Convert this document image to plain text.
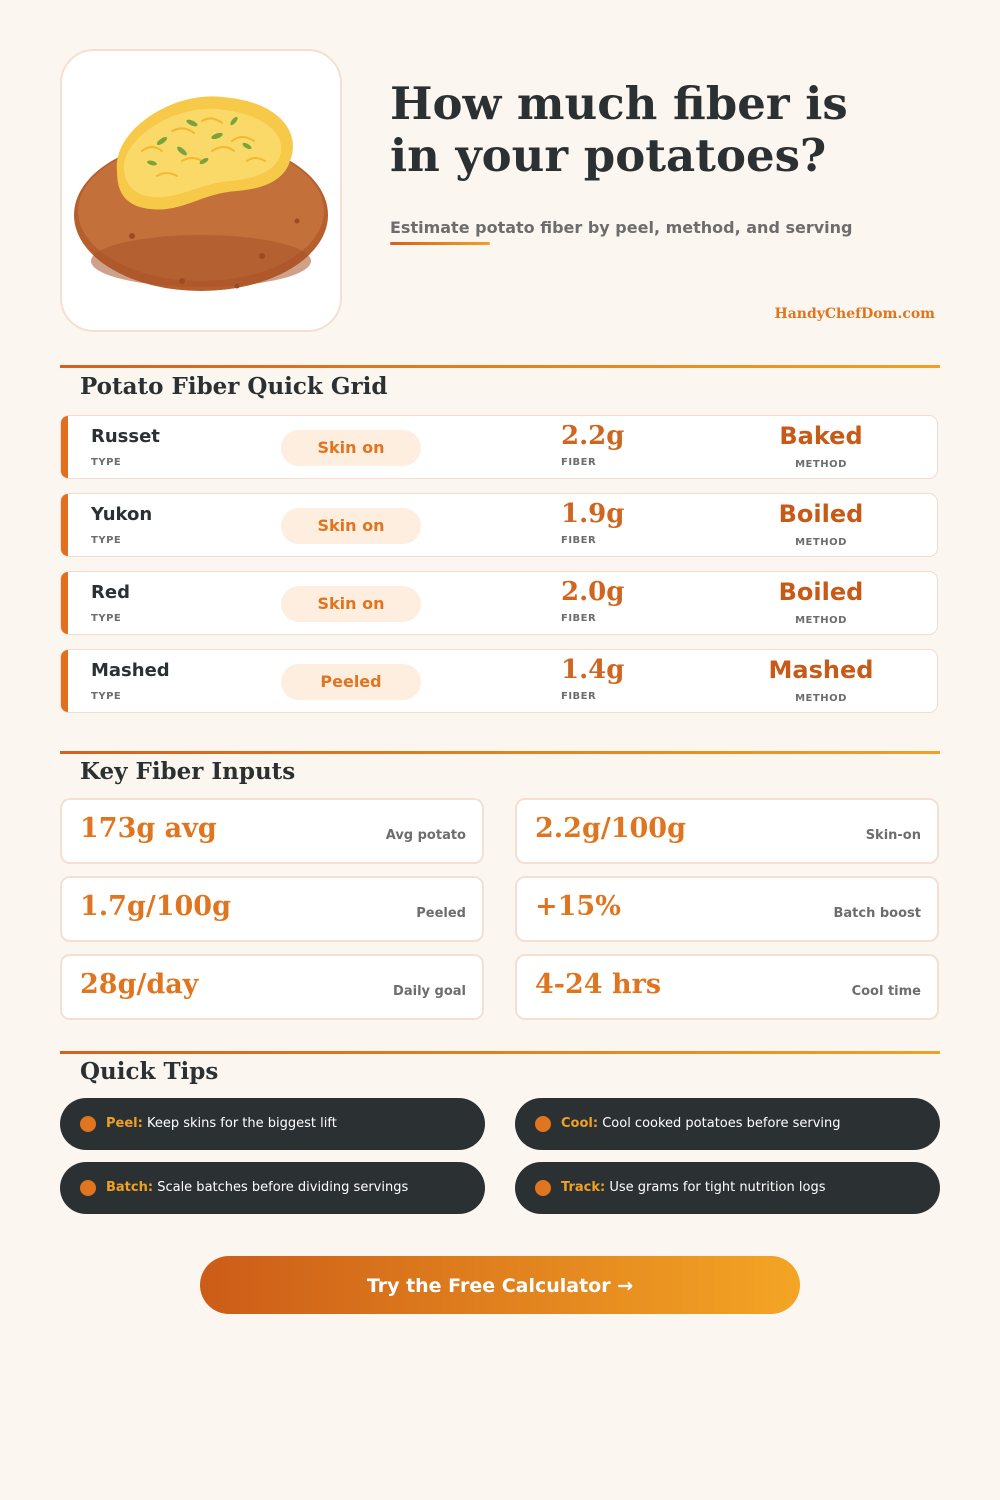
How much fiber is
in your potatoes?
Estimate potato fiber by peel, method, and serving
HandyChefDom.com
Potato Fiber Quick Grid
Russet
TYPE
Skin on	2.2g
FIBER
Baked
METHOD
Yukon
TYPE
Skin on	1.9g
FIBER
Boiled
METHOD
Red
TYPE
Skin on	2.0g
FIBER
Boiled
METHOD
Mashed
TYPE
Peeled	1.4g
FIBER
Mashed
METHOD
Key Fiber Inputs
173g avg	Avg potato	2.2g/100g	Skin-on
1.7g/100g	Peeled	+15%	Batch boost
28g/day	Daily goal	4-24 hrs	Cool time
Quick Tips
Peel: Keep skins for the biggest lift	Cool: Cool cooked potatoes before serving
Batch: Scale batches before dividing servings	Track: Use grams for tight nutrition logs
Try the Free Calculator →
